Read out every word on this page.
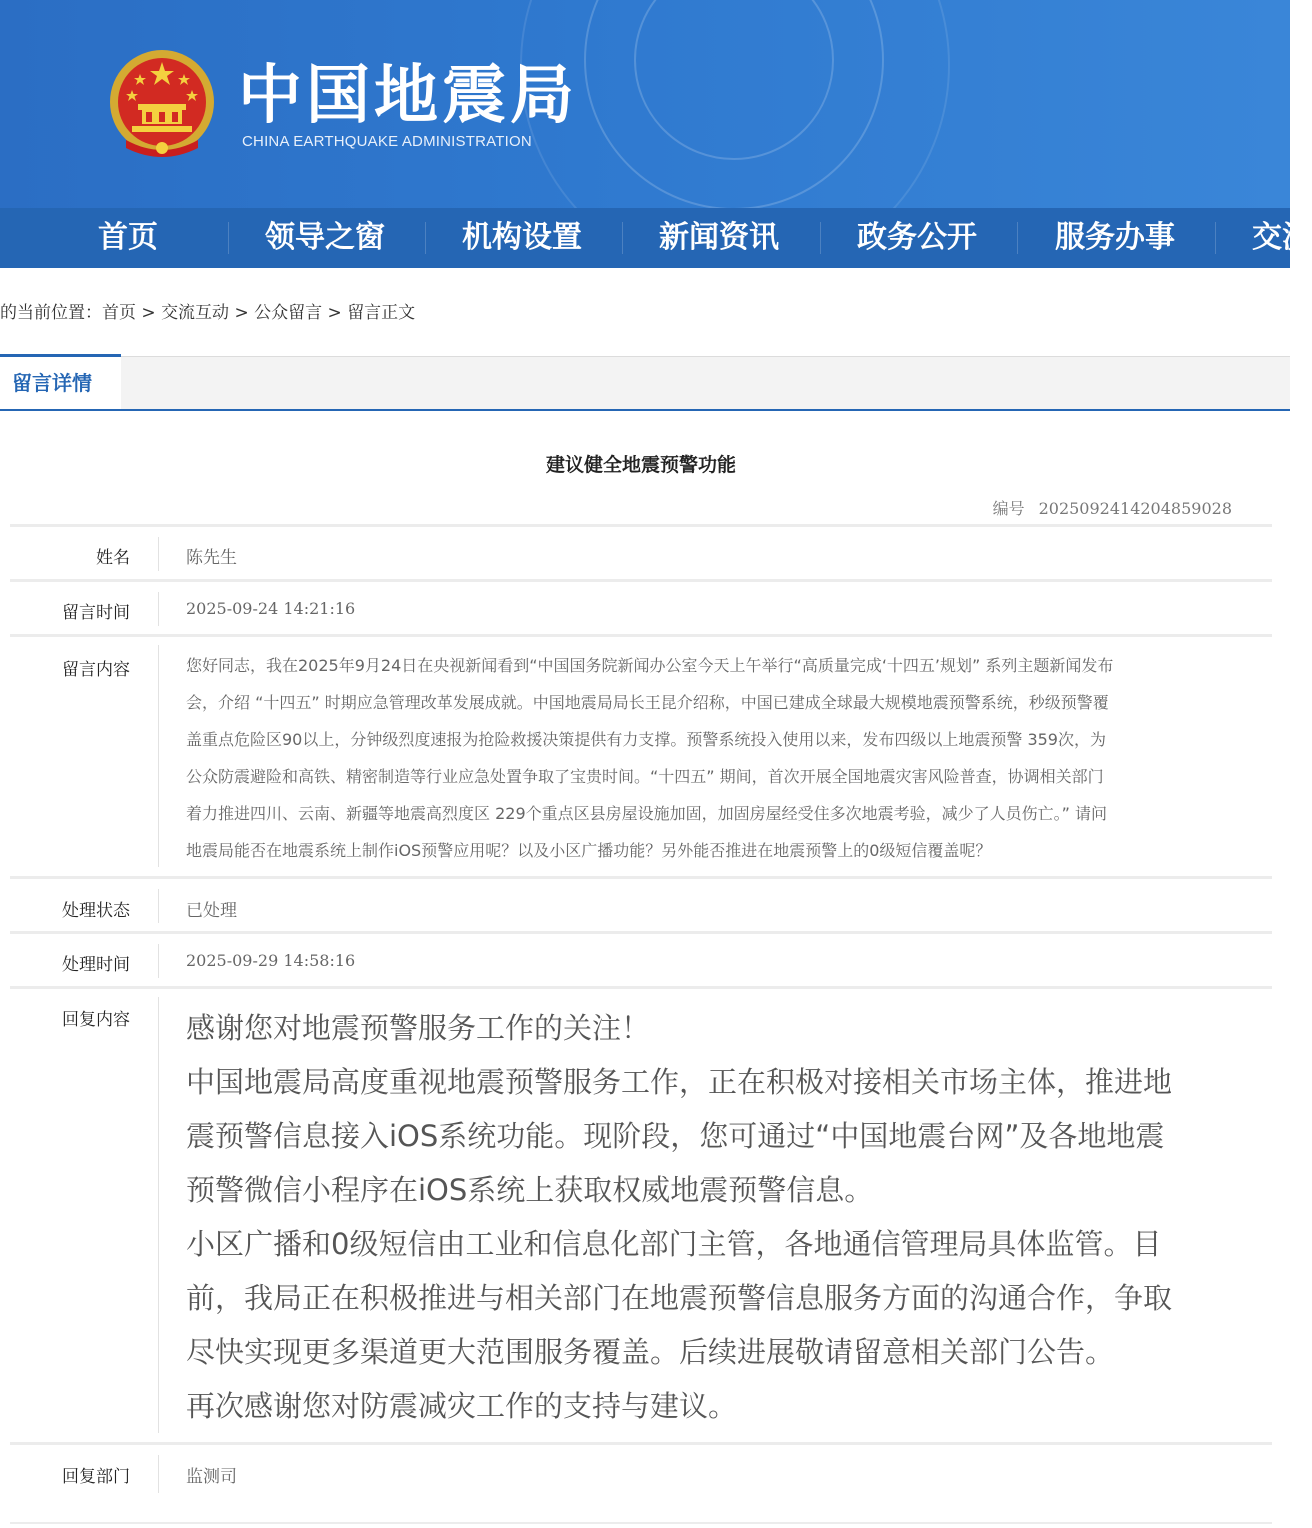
中国地震局
CHINA EARTHQUAKE ADMINISTRATION
首页	领导之窗	机构设置	新闻资讯	政务公开	服务办事	交流
的当前位置：首页 > 交流互动 > 公众留言 > 留言正文
留言详情
建议健全地震预警功能
编号 2025092414204859028
姓名	陈先生
留言时间	2025-09-24 14:21:16
留言内容	您好同志，我在2025年9月24日在央视新闻看到“中国国务院新闻办公室今天上午举行“高质量完成‘十四五’规划” 系列主题新闻发布
会，介绍 “十四五” 时期应急管理改革发展成就。中国地震局局长王昆介绍称，中国已建成全球最大规模地震预警系统，秒级预警覆
盖重点危险区90以上，分钟级烈度速报为抢险救援决策提供有力支撑。预警系统投入使用以来，发布四级以上地震预警 359次，为
公众防震避险和高铁、精密制造等行业应急处置争取了宝贵时间。“十四五” 期间，首次开展全国地震灾害风险普查，协调相关部门
着力推进四川、云南、新疆等地震高烈度区 229个重点区县房屋设施加固，加固房屋经受住多次地震考验，减少了人员伤亡。” 请问
地震局能否在地震系统上制作iOS预警应用呢？以及小区广播功能？另外能否推进在地震预警上的0级短信覆盖呢？
处理状态	已处理
处理时间	2025-09-29 14:58:16
回复内容	感谢您对地震预警服务工作的关注！
中国地震局高度重视地震预警服务工作，正在积极对接相关市场主体，推进地
震预警信息接入iOS系统功能。现阶段，您可通过“中国地震台网”及各地地震
预警微信小程序在iOS系统上获取权威地震预警信息。
小区广播和0级短信由工业和信息化部门主管，各地通信管理局具体监管。目
前，我局正在积极推进与相关部门在地震预警信息服务方面的沟通合作，争取
尽快实现更多渠道更大范围服务覆盖。后续进展敬请留意相关部门公告。
再次感谢您对防震减灾工作的支持与建议。
回复部门	监测司
